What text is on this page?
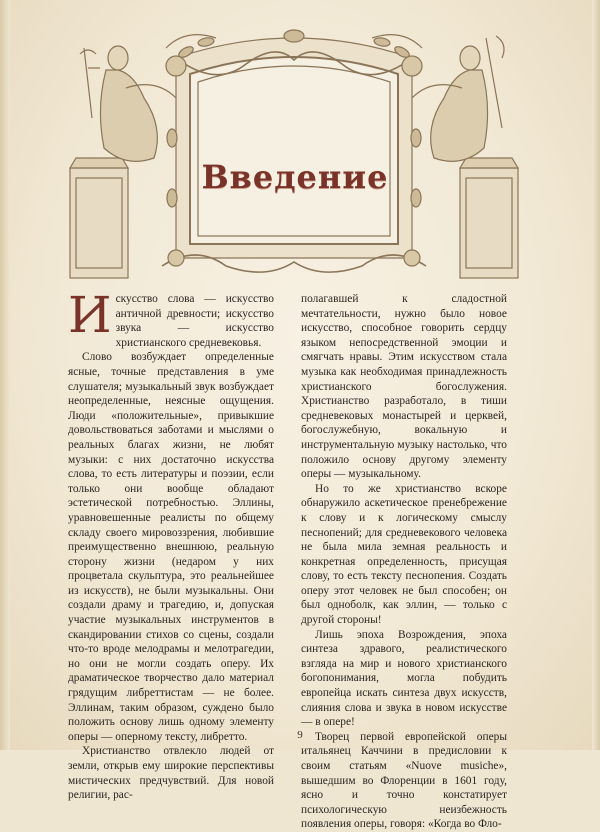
Введение

Искусство слова — искусство античной древности; искусство звука — искусство христианского средневековья.

Слово возбуждает определенные ясные, точные представления в уме слушателя; музыкальный звук возбуждает неопределенные, неясные ощущения. Люди «положительные», привыкшие довольствоваться заботами и мыслями о реальных благах жизни, не любят музыки: с них достаточно искусства слова, то есть литературы и поэзии, если только они вообще обладают эстетической потребностью. Эллины, уравновешенные реалисты по общему складу своего мировоззрения, любившие преимущественно внешнюю, реальную сторону жизни (недаром у них процветала скульптура, это реальнейшее из искусств), не были музыкальны. Они создали драму и трагедию, и, допуская участие музыкальных инструментов в скандировании стихов со сцены, создали что-то вроде мелодрамы и мелотрагедии, но они не могли создать оперу. Их драматическое творчество дало материал грядущим либреттистам — не более. Эллинам, таким образом, суждено было положить основу лишь одному элементу оперы — оперному тексту, либретто.

Христианство отвлекло людей от земли, открыв ему широкие перспективы мистических предчувствий. Для новой религии, рас-

полагавшей к сладостной мечтательности, нужно было новое искусство, способное говорить сердцу языком непосредственной эмоции и смягчать нравы. Этим искусством стала музыка как необходимая принадлежность христианского богослужения. Христианство разработало, в тиши средневековых монастырей и церквей, богослужебную, вокальную и инструментальную музыку настолько, что положило основу другому элементу оперы — музыкальному.

Но то же христианство вскоре обнаружило аскетическое пренебрежение к слову и к логическому смыслу песнопений; для средневекового человека не была мила земная реальность и конкретная определенность, присущая слову, то есть тексту песнопения. Создать оперу этот человек не был способен; он был одноболк, как эллин, — только с другой стороны!

Лишь эпоха Возрождения, эпоха синтеза здравого, реалистического взгляда на мир и нового христианского богопонимания, могла побудить европейца искать синтеза двух искусств, слияния слова и звука в новом искусстве — в опере!

Творец первой европейской оперы итальянец Каччини в предисловии к своим статьям «Nuove musiche», вышедшим во Флоренции в 1601 году, ясно и точно констатирует психологическую неизбежность появления оперы, говоря: «Когда во Фло-

9
